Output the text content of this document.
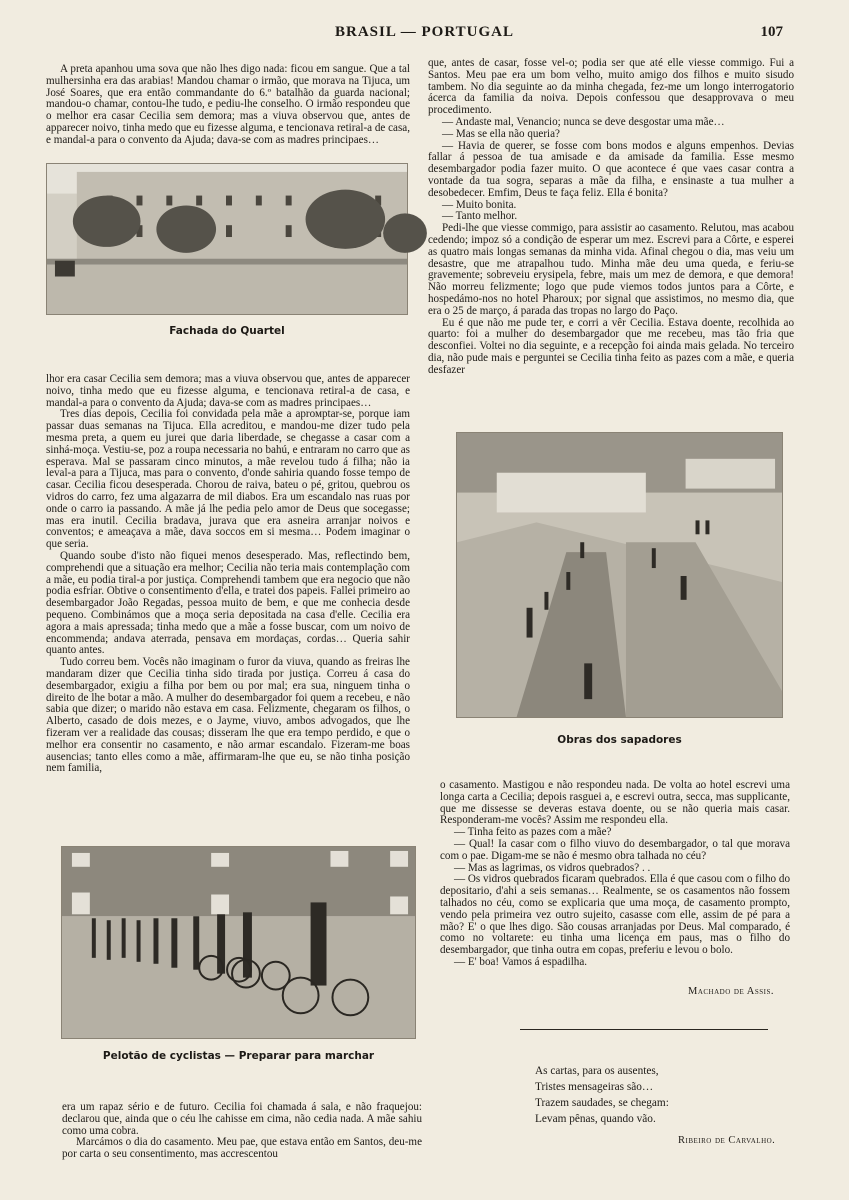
BRASIL — PORTUGAL	107

A preta apanhou uma sova que não lhes digo nada: ficou em sangue. Que a tal mulhersinha era das arabias! Mandou chamar o irmão, que morava na Tijuca, um José Soares, que era então commandante do 6.º batalhão da guarda nacional; mandou-o chamar, contou-lhe tudo, e pediu-lhe conselho. O irmão respondeu que o melhor era casar Cecilia sem demora; mas a viuva observou que, antes de apparecer noivo, tinha medo que eu fizesse alguma, e tencionava retiral-a de casa, e mandal-a para o convento da Ajuda; dava-se com as madres principaes…

Fachada do Quartel

lhor era casar Cecilia sem demora; mas a viuva observou que, antes de apparecer noivo, tinha medo que eu fizesse alguma, e tencionava retiral-a de casa, e mandal-a para o convento da Ajuda; dava-se com as madres principaes…

Tres dias depois, Cecilia foi convidada pela mãe a aprомptar-se, porque iam passar duas semanas na Tijuca. Ella acreditou, e mandou-me dizer tudo pela mesma preta, a quem eu jurei que daria liberdade, se chegasse a casar com a sinhá-moça. Vestiu-se, poz a roupa necessaria no bahú, e entraram no carro que as esperava. Mal se passaram cinco minutos, a mãe revelou tudo á filha; não ia leval-a para a Tijuca, mas para o convento, d'onde sahiria quando fosse tempo de casar. Cecilia ficou desesperada. Chorou de raiva, bateu o pé, gritou, quebrou os vidros do carro, fez uma algazarra de mil diabos. Era um escandalo nas ruas por onde o carro ia passando. A mãe já lhe pedia pelo amor de Deus que socegasse; mas era inutil. Cecilia bradava, jurava que era asneira arranjar noivos e conventos; e ameaçava a mãe, dava soccos em si mesma… Podem imaginar o que seria.

Quando soube d'isto não fiquei menos desesperado. Mas, reflectindo bem, comprehendi que a situação era melhor; Cecilia não teria mais contemplação com a mãe, eu podia tiral-a por justiça. Comprehendi tambem que era negocio que não podia esfriar. Obtive o consentimento d'ella, e tratei dos papeis. Fallei primeiro ao desembargador João Regadas, pessoa muito de bem, e que me conhecia desde pequeno. Combinámos que a moça seria depositada na casa d'elle. Cecilia era agora a mais apressada; tinha medo que a mãe a fosse buscar, com um noivo de encommenda; andava aterrada, pensava em mordaças, cordas… Queria sahir quanto antes.

Tudo correu bem. Vocês não imaginam o furor da viuva, quando as freiras lhe mandaram dizer que Cecilia tinha sido tirada por justiça. Correu á casa do desembargador, exigiu a filha por bem ou por mal; era sua, ninguem tinha o direito de lhe botar a mão. A mulher do desembargador foi quem a recebeu, e não sabia que dizer; o marido não estava em casa. Felizmente, chegaram os filhos, o Alberto, casado de dois mezes, e o Jayme, viuvo, ambos advogados, que lhe fizeram ver a realidade das cousas; disseram lhe que era tempo perdido, e que o melhor era consentir no casamento, e não armar escandalo. Fizeram-me boas ausencias; tanto elles como a mãe, affirmaram-lhe que eu, se não tinha posição nem familia,

Pelotão de cyclistas — Preparar para marchar

era um rapaz sério e de futuro. Cecilia foi chamada á sala, e não fraquejou: declarou que, ainda que o céu lhe cahisse em cima, não cedia nada. A mãe sahiu como uma cobra.

Marcámos o dia do casamento. Meu pae, que estava então em Santos, deu-me por carta o seu consentimento, mas accrescentou

que, antes de casar, fosse vel-o; podia ser que até elle viesse commigo. Fui a Santos. Meu pae era um bom velho, muito amigo dos filhos e muito sisudo tambem. No dia seguinte ao da minha chegada, fez-me um longo interrogatorio ácerca da familia da noiva. Depois confessou que desapprovava o meu procedimento.

— Andaste mal, Venancio; nunca se deve desgostar uma mãe…

— Mas se ella não queria?

— Havia de querer, se fosse com bons modos e alguns empenhos. Devias fallar á pessoa de tua amisade e da amisade da familia. Esse mesmo desembargador podia fazer muito. O que acontece é que vaes casar contra a vontade da tua sogra, separas a mãe da filha, e ensinaste a tua mulher a desobedecer. Emfim, Deus te faça feliz. Ella é bonita?

— Muito bonita.

— Tanto melhor.

Pedi-lhe que viesse commigo, para assistir ao casamento. Relutou, mas acabou cedendo; impoz só a condição de esperar um mez. Escrevi para a Côrte, e esperei as quatro mais longas semanas da minha vida. Afinal chegou o dia, mas veiu um desastre, que me atrapalhou tudo. Minha mãe deu uma queda, e feriu-se gravemente; sobreveiu erysipela, febre, mais um mez de demora, e que demora! Não morreu felizmente; logo que pude viemos todos juntos para a Côrte, e hospedámo-nos no hotel Pharoux; por signal que assistimos, no mesmo dia, que era o 25 de março, á parada das tropas no largo do Paço.

Eu é que não me pude ter, e corri a vêr Cecilia. Estava doente, recolhida ao quarto: foi a mulher do desembargador que me recebeu, mas tão fria que desconfiei. Voltei no dia seguinte, e a recepção foi ainda mais gelada. No terceiro dia, não pude mais e perguntei se Cecilia tinha feito as pazes com a mãe, e queria desfazer

Obras dos sapadores

o casamento. Mastigou e não respondeu nada. De volta ao hotel escrevi uma longa carta a Cecilia; depois rasguei a, e escrevi outra, secca, mas supplicante, que me dissesse se deveras estava doente, ou se não queria mais casar. Responderam-me vocês? Assim me respondeu ella.

— Tinha feito as pazes com a mãe?

— Qual! Ia casar com o filho viuvo do desembargador, o tal que morava com o pae. Digam-me se não é mesmo obra talhada no céu?

— Mas as lagrimas, os vidros quebrados? . .

— Os vidros quebrados ficaram quebrados. Ella é que casou com o filho do depositario, d'ahi a seis semanas… Realmente, se os casamentos não fossem talhados no céu, como se explicaria que uma moça, de casamento prompto, vendo pela primeira vez outro sujeito, casasse com elle, assim de pé para a mão? E' o que lhes digo. São cousas arranjadas por Deus. Mal comparado, é como no voltarete: eu tinha uma licença em paus, mas o filho do desembargador, que tinha outra em copas, preferiu e levou o bolo.

— E' boa! Vamos á espadilha.

Machado de Assis.
As cartas, para os ausentes,
Tristes mensageiras são…
Trazem saudades, se chegam:
Levam pênas, quando vão.
Ribeiro de Carvalho.
